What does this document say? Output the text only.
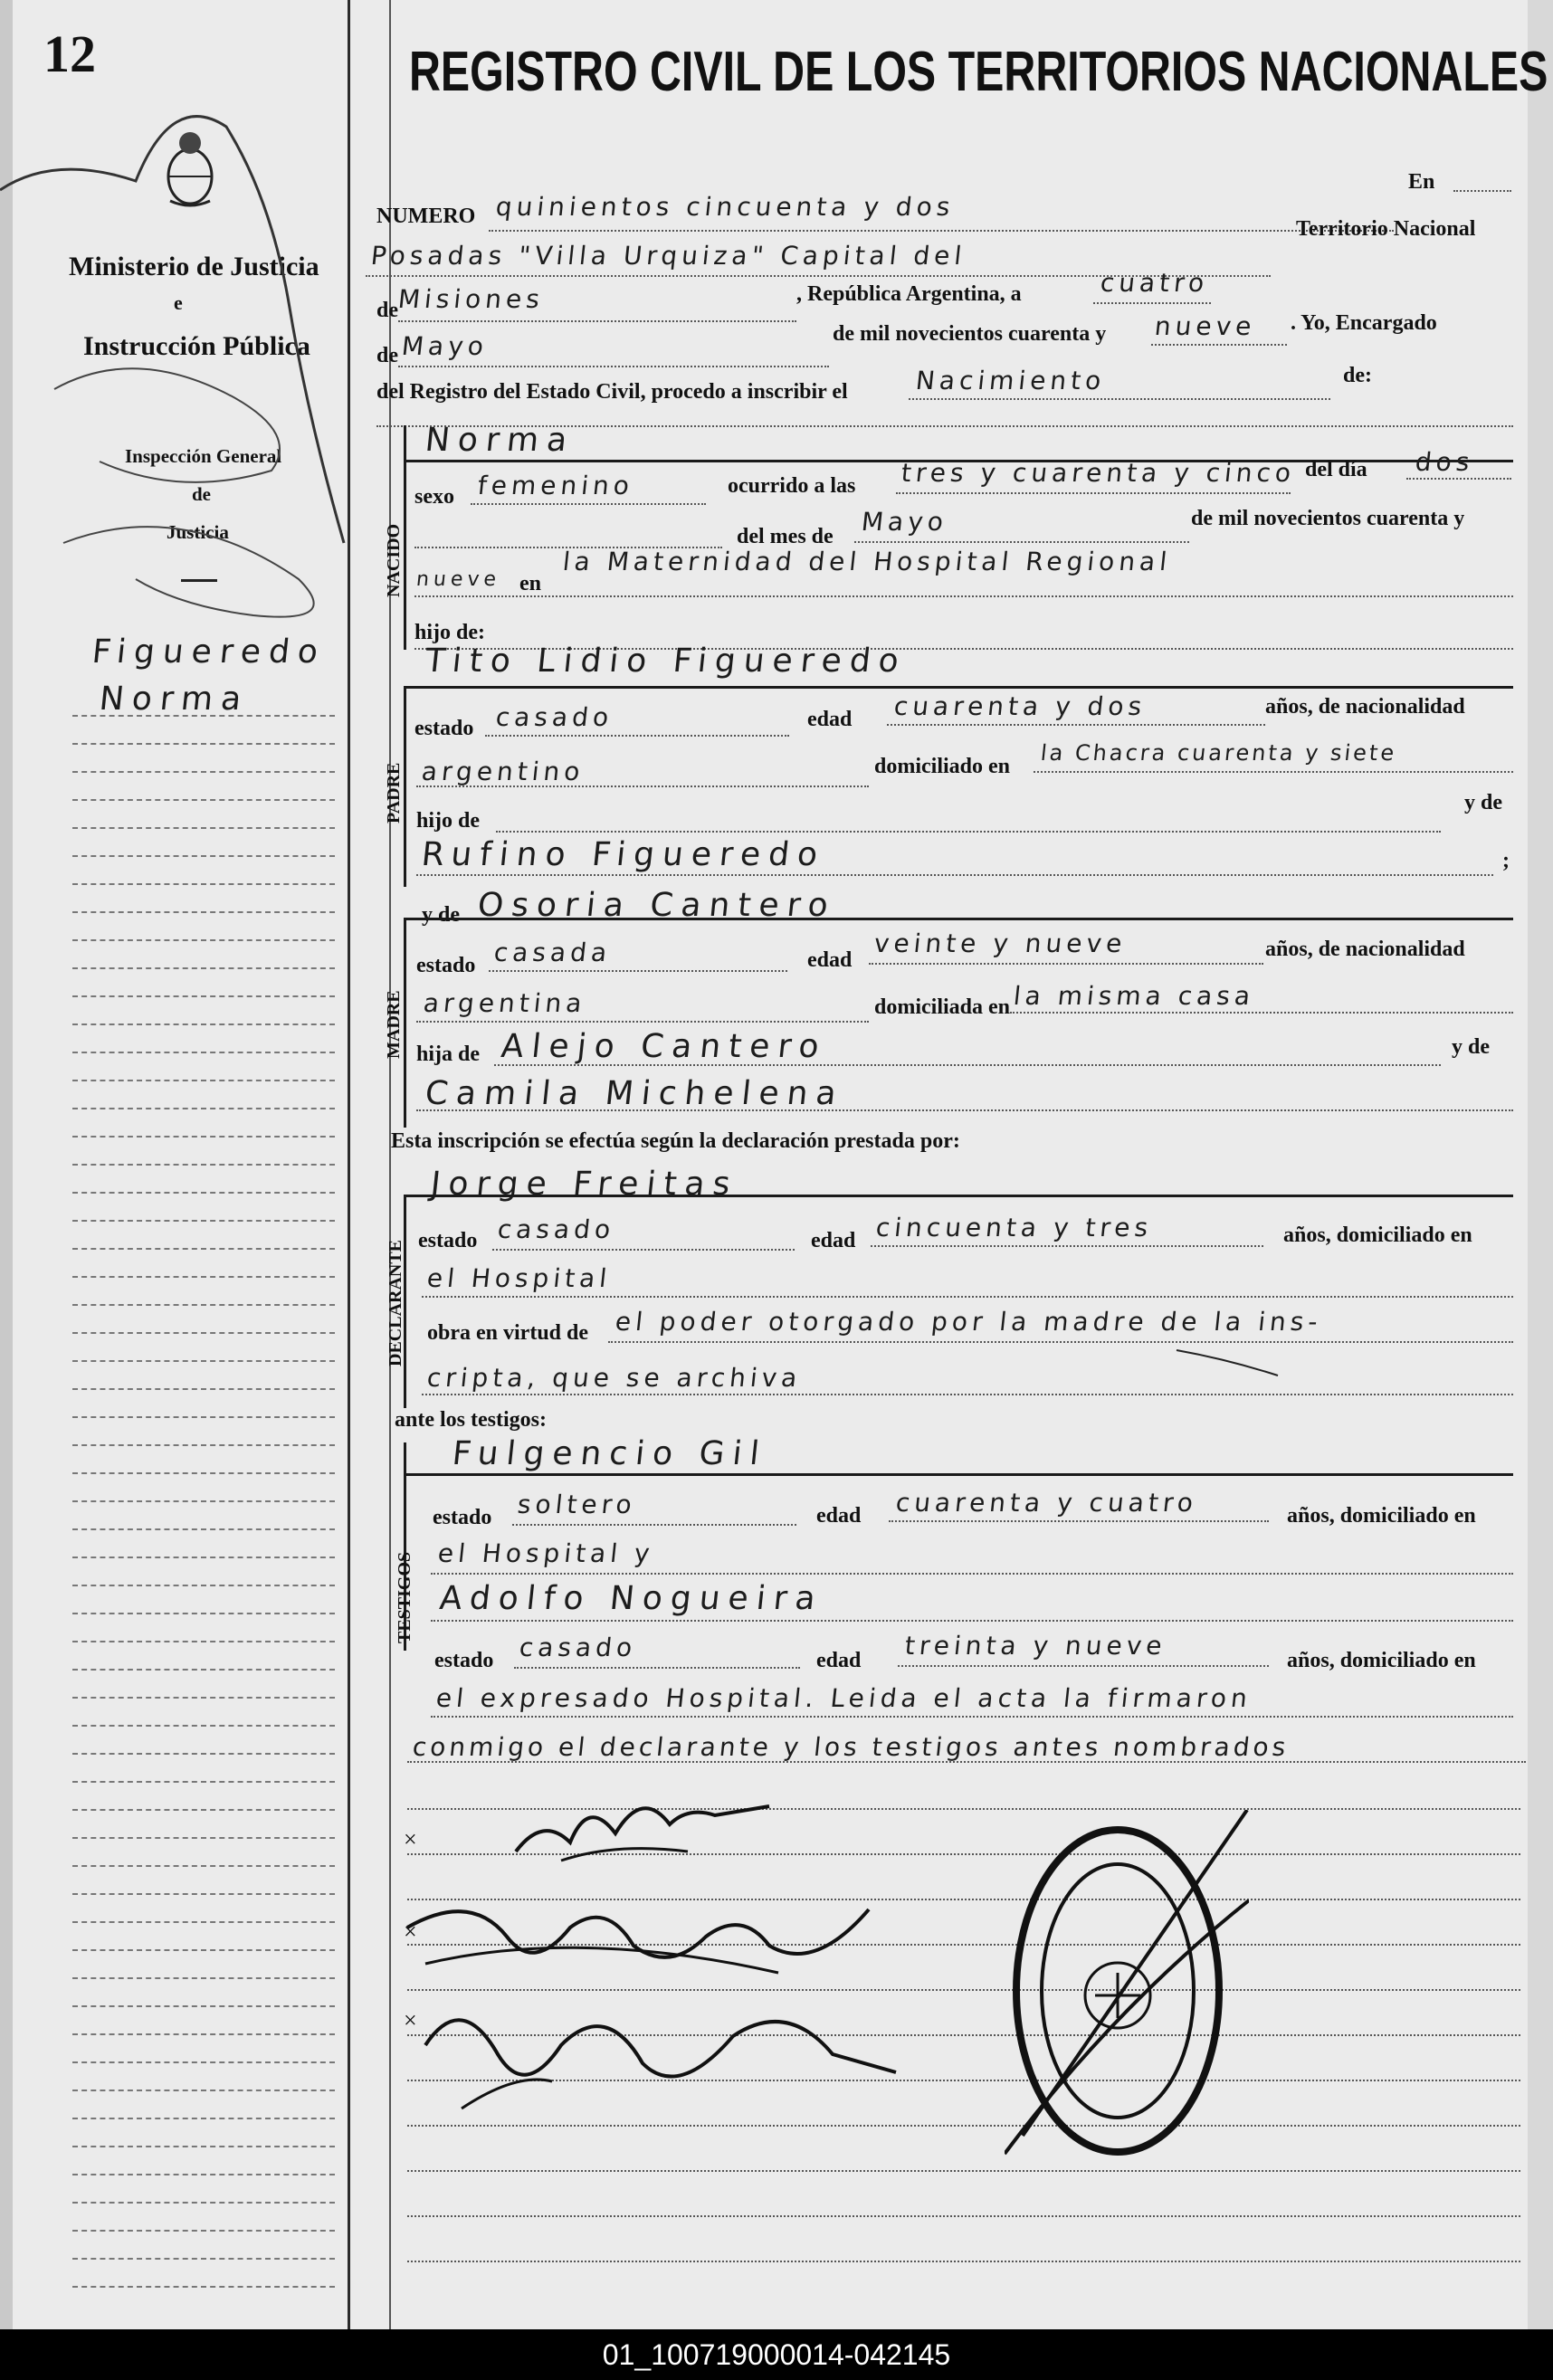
12
Ministerio de Justicia
e
Instrucción Pública
Inspección General
de
Justicia
Figueredo
Norma
REGISTRO CIVIL DE LOS TERRITORIOS NACIONALES
NUMERO quinientos cincuenta y dos
En
Posadas "Villa Urquiza" Capital del
Territorio Nacional
de
Misiones	, República Argentina, a	cuatro
de Mayo	de mil novecientos cuarenta y nueve . Yo, Encargado
del Registro del Estado Civil, procedo a inscribir el	Nacimiento	de:
NACIDO
Norma
sexo femenino	ocurrido a las tres y cuarenta y cinco del día dos
del mes de Mayo	de mil novecientos cuarenta y
nueve en
la Maternidad del Hospital Regional
hijo de:
PADRE
Tito Lidio Figueredo
estado casado	edad cuarenta y dos	años, de nacionalidad
argentino	domiciliado en
la Chacra cuarenta y siete
hijo de
y de
Rufino Figueredo	;
y de Osoria Cantero
MADRE
estado casada	edad
veinte y nueve	años, de nacionalidad
argentina	domiciliada en la misma casa
hija de Alejo Cantero	y de
Camila Michelena
Esta inscripción se efectúa según la declaración prestada por:
Jorge Freitas
DECLARANTE estado casado	edad cincuenta y tres	años, domiciliado en
el Hospital
obra en virtud de el poder otorgado por la madre de la ins-
cripta, que se archiva
ante los testigos:
Fulgencio Gil
TESTIGOS
estado soltero	edad cuarenta y cuatro	años, domiciliado en
el Hospital y
Adolfo Nogueira
estado casado	edad treinta y nueve	años, domiciliado en
el expresado Hospital. Leida el acta la firmaron
conmigo el declarante y los testigos antes nombrados
×
×
×
01_100719000014-042145
